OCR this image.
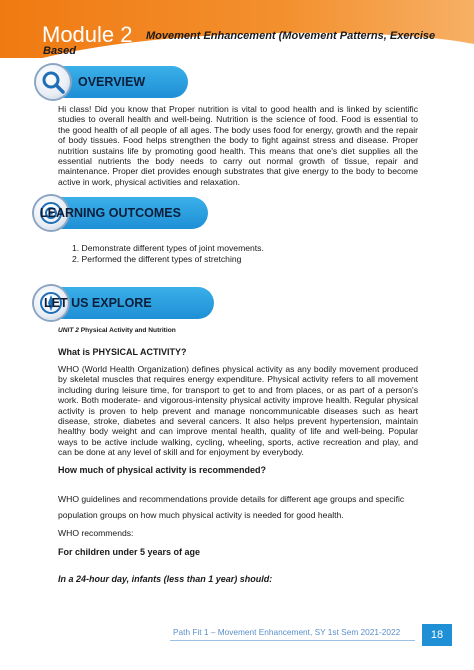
Module 2 Movement Enhancement (Movement Patterns, Exercise
Based
OVERVIEW
Hi class! Did you know that Proper nutrition is vital to good health and is linked by scientific studies to overall health and well-being. Nutrition is the science of food. Food is essential to the good health of all people of all ages. The body uses food for energy, growth and the repair of body tissues. Food helps strengthen the body to fight against stress and disease. Proper nutrition sustains life by promoting good health. This means that one's diet supplies all the essential nutrients the body needs to carry out normal growth of tissue, repair and maintenance. Proper diet provides enough substrates that give energy to the body to become active in work, physical activities and relaxation.
LEARNING OUTCOMES
1. Demonstrate different types of joint movements.
2. Performed the different types of stretching
LET US EXPLORE
UNIT 2 Physical Activity and Nutrition
What is PHYSICAL ACTIVITY?
WHO (World Health Organization) defines physical activity as any bodily movement produced by skeletal muscles that requires energy expenditure. Physical activity refers to all movement including during leisure time, for transport to get to and from places, or as part of a person's work. Both moderate- and vigorous-intensity physical activity improve health. Regular physical activity is proven to help prevent and manage noncommunicable diseases such as heart disease, stroke, diabetes and several cancers. It also helps prevent hypertension, maintain healthy body weight and can improve mental health, quality of life and well-being. Popular ways to be active include walking, cycling, wheeling, sports, active recreation and play, and can be done at any level of skill and for enjoyment by everybody.
How much of physical activity is recommended?
WHO guidelines and recommendations provide details for different age groups and specific population groups on how much physical activity is needed for good health.
WHO recommends:
For children under 5 years of age
In a 24-hour day, infants (less than 1 year) should:
Path Fit 1 – Movement Enhancement, SY 1st Sem 2021-2022	18
